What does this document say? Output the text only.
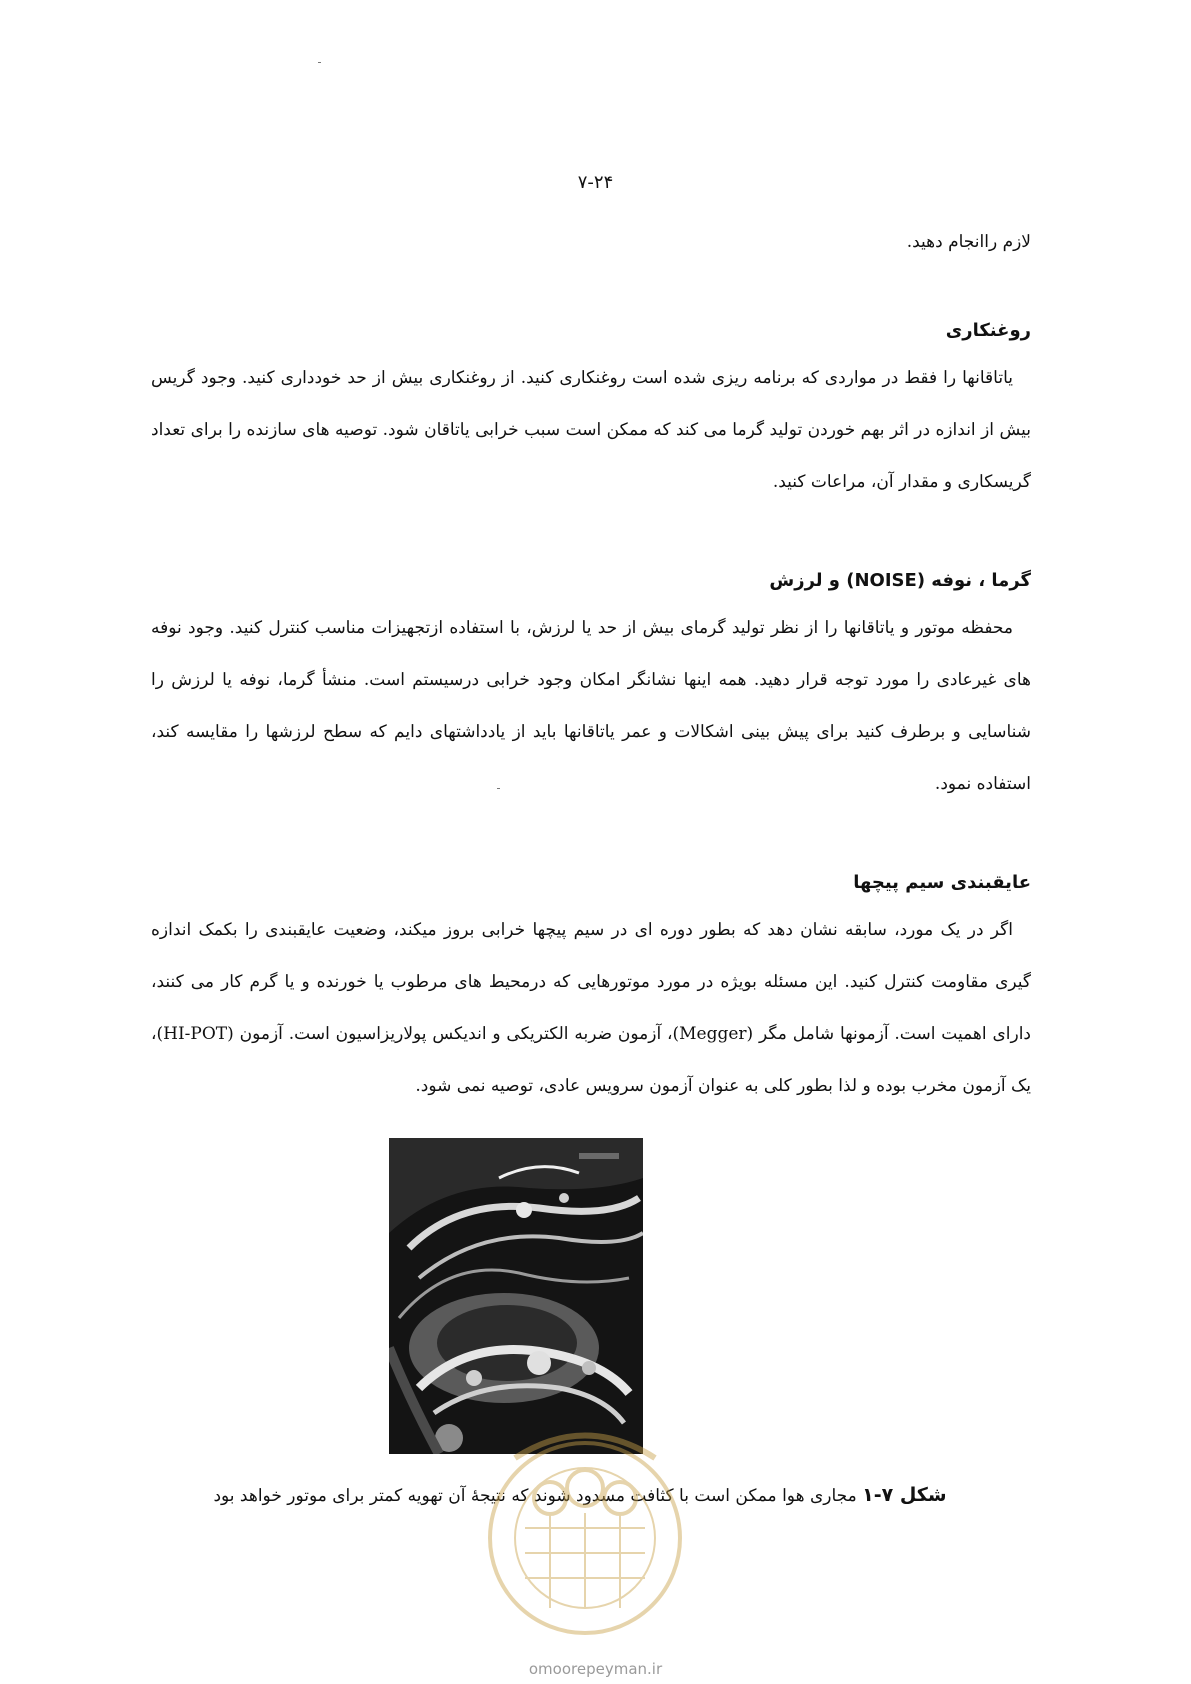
۷-۲۴

لازم راانجام دهید.

روغنکاری

یاتاقانها را فقط در مواردی که برنامه ریزی شده است روغنکاری کنید. از روغنکاری بیش از حد خودداری کنید. وجود گریس بیش از اندازه در اثر بهم خوردن تولید گرما می کند که ممکن است سبب خرابی یاتاقان شود. توصیه های سازنده را برای تعداد گریسکاری و مقدار آن، مراعات کنید.

گرما ، نوفه (NOISE) و لرزش

محفظه موتور و یاتاقانها را از نظر تولید گرمای بیش از حد یا لرزش، با استفاده ازتجهیزات مناسب کنترل کنید. وجود نوفه های غیرعادی را مورد توجه قرار دهید. همه اینها نشانگر امکان وجود خرابی درسیستم است. منشأ گرما، نوفه یا لرزش را شناسایی و برطرف کنید برای پیش بینی اشکالات و عمر یاتاقانها باید از یادداشتهای دایم که سطح لرزشها را مقایسه کند، استفاده نمود.

عایقبندی سیم پیچها

اگر در یک مورد، سابقه نشان دهد که بطور دوره ای در سیم پیچها خرابی بروز میکند، وضعیت عایقبندی را بکمک اندازه گیری مقاومت کنترل کنید. این مسئله بویژه در مورد موتورهایی که درمحیط های مرطوب یا خورنده و یا گرم کار می کنند، دارای اهمیت است. آزمونها شامل مگر (Megger)، آزمون ضربه الکتریکی و اندیکس پولاریزاسیون است. آزمون (HI-POT)، یک آزمون مخرب بوده و لذا بطور کلی به عنوان آزمون سرویس عادی، توصیه نمی شود.

شکل ۷-۱ مجاری هوا ممکن است با کثافت مسدود شوند که نتیجهٔ آن تهویه کمتر برای موتور خواهد بود
omoorepeyman.ir
